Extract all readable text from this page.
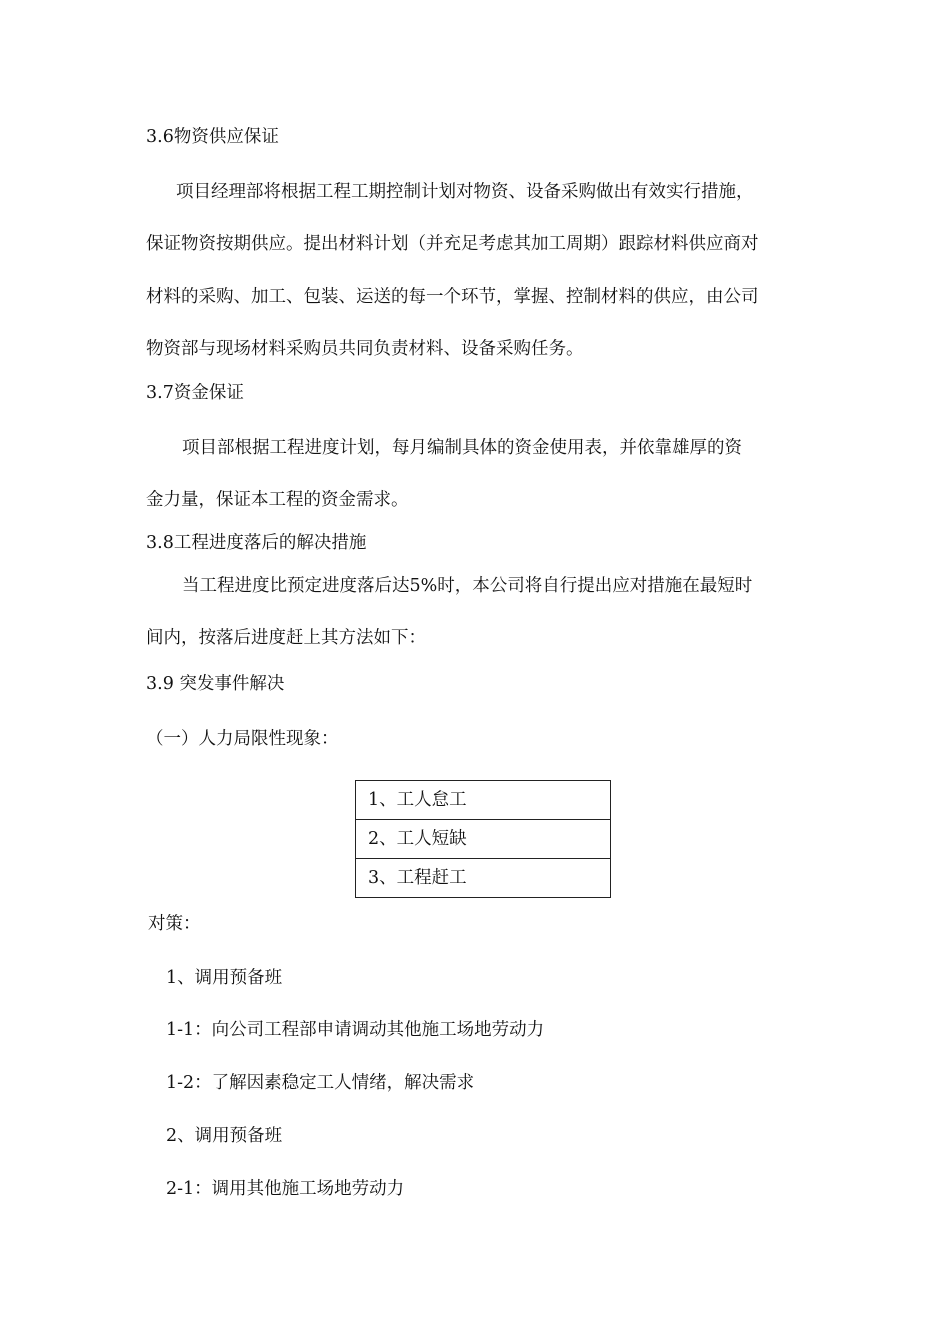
3.6物资供应保证

项目经理部将根据工程工期控制计划对物资、设备采购做出有效实行措施，

保证物资按期供应。提出材料计划（并充足考虑其加工周期）跟踪材料供应商对

材料的采购、加工、包装、运送的每一个环节，掌握、控制材料的供应，由公司

物资部与现场材料采购员共同负责材料、设备采购任务。

3.7资金保证

项目部根据工程进度计划，每月编制具体的资金使用表，并依靠雄厚的资

金力量，保证本工程的资金需求。

3.8工程进度落后的解决措施

当工程进度比预定进度落后达5%时，本公司将自行提出应对措施在最短时

间内，按落后进度赶上其方法如下：

3.9 突发事件解决

（一）人力局限性现象：

1、工人怠工
2、工人短缺
3、工程赶工

对策：

1、调用预备班

1-1：向公司工程部申请调动其他施工场地劳动力

1-2：了解因素稳定工人情绪，解决需求

2、调用预备班

2-1：调用其他施工场地劳动力
